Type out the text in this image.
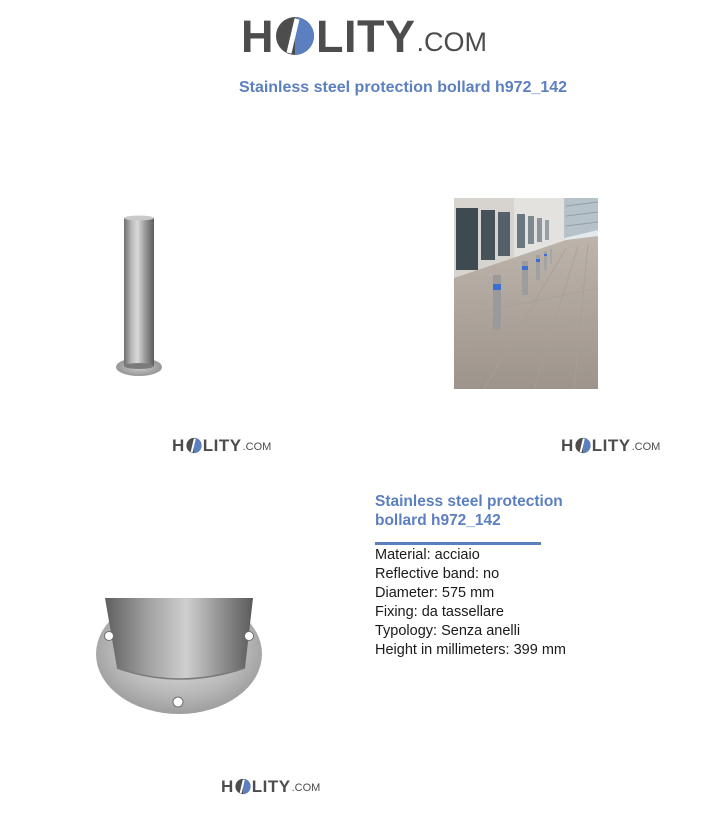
H LITY .COM
Stainless steel protection bollard h972_142
H LITY .COM	H LITY .COM
H LITY .COM
Stainless steel protection
bollard h972_142
Material: acciaio
Reflective band: no
Diameter: 575 mm
Fixing: da tassellare
Typology: Senza anelli
Height in millimeters: 399 mm
